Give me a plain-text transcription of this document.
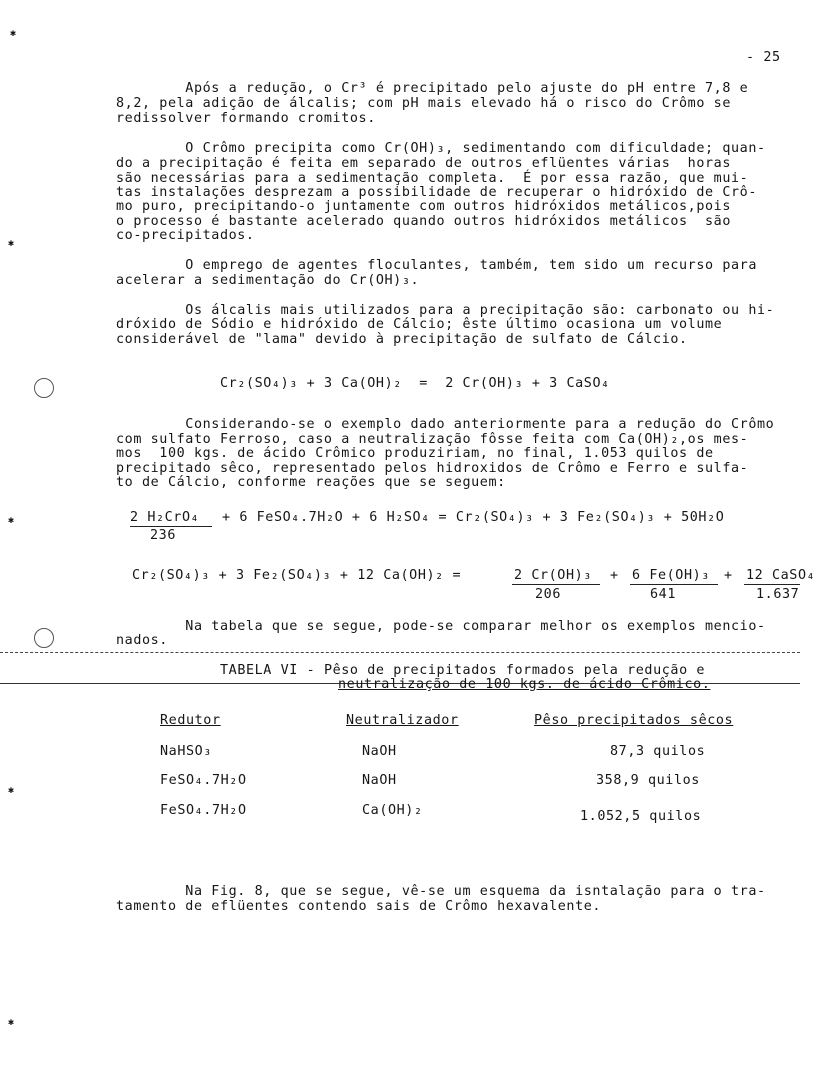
✱
✱
✱
✱
✱
- 25
Após a redução, o Cr³ é precipitado pelo ajuste do pH entre 7,8 e
8,2, pela adição de álcalis; com pH mais elevado há o risco do Crômo se
redissolver formando cromitos.
O Crômo precipita como Cr(OH)₃, sedimentando com dificuldade; quan-
do a precipitação é feita em separado de outros eflüentes várias  horas
são necessárias para a sedimentação completa.  É por essa razão, que mui-
tas instalações desprezam a possibilidade de recuperar o hidróxido de Crô-
mo puro, precipitando-o juntamente com outros hidróxidos metálicos,pois
o processo é bastante acelerado quando outros hidróxidos metálicos  são
co-precipitados.
O emprego de agentes floculantes, também, tem sido um recurso para
acelerar a sedimentação do Cr(OH)₃.
Os álcalis mais utilizados para a precipitação são: carbonato ou hi-
dróxido de Sódio e hidróxido de Cálcio; êste último ocasiona um volume
considerável de "lama" devido à precipitação de sulfato de Cálcio.
Cr₂(SO₄)₃ + 3 Ca(OH)₂  =  2 Cr(OH)₃ + 3 CaSO₄
Considerando-se o exemplo dado anteriormente para a redução do Crômo
com sulfato Ferroso, caso a neutralização fôsse feita com Ca(OH)₂,os mes-
mos  100 kgs. de ácido Crômico produziriam, no final, 1.053 quilos de
precipitado sêco, representado pelos hidroxidos de Crômo e Ferro e sulfa-
to de Cálcio, conforme reações que se seguem:
2 H₂CrO₄
236
+ 6 FeSO₄.7H₂O + 6 H₂SO₄ = Cr₂(SO₄)₃ + 3 Fe₂(SO₄)₃ + 50H₂O
Cr₂(SO₄)₃ + 3 Fe₂(SO₄)₃ + 12 Ca(OH)₂ =	2 Cr(OH)₃
206
+ 6 Fe(OH)₃
641
+ 12 CaSO₄
1.637
Na tabela que se segue, pode-se comparar melhor os exemplos mencio-
nados.
TABELA VI - Pêso de precipitados formados pela redução e
neutralização de 100 kgs. de ácido Crômico.
Redutor	Neutralizador	Pêso precipitados sêcos
NaHSO₃	NaOH	87,3 quilos
FeSO₄.7H₂O	NaOH	358,9 quilos
FeSO₄.7H₂O	Ca(OH)₂	1.052,5 quilos
Na Fig. 8, que se segue, vê-se um esquema da isntalação para o tra-
tamento de eflüentes contendo sais de Crômo hexavalente.
